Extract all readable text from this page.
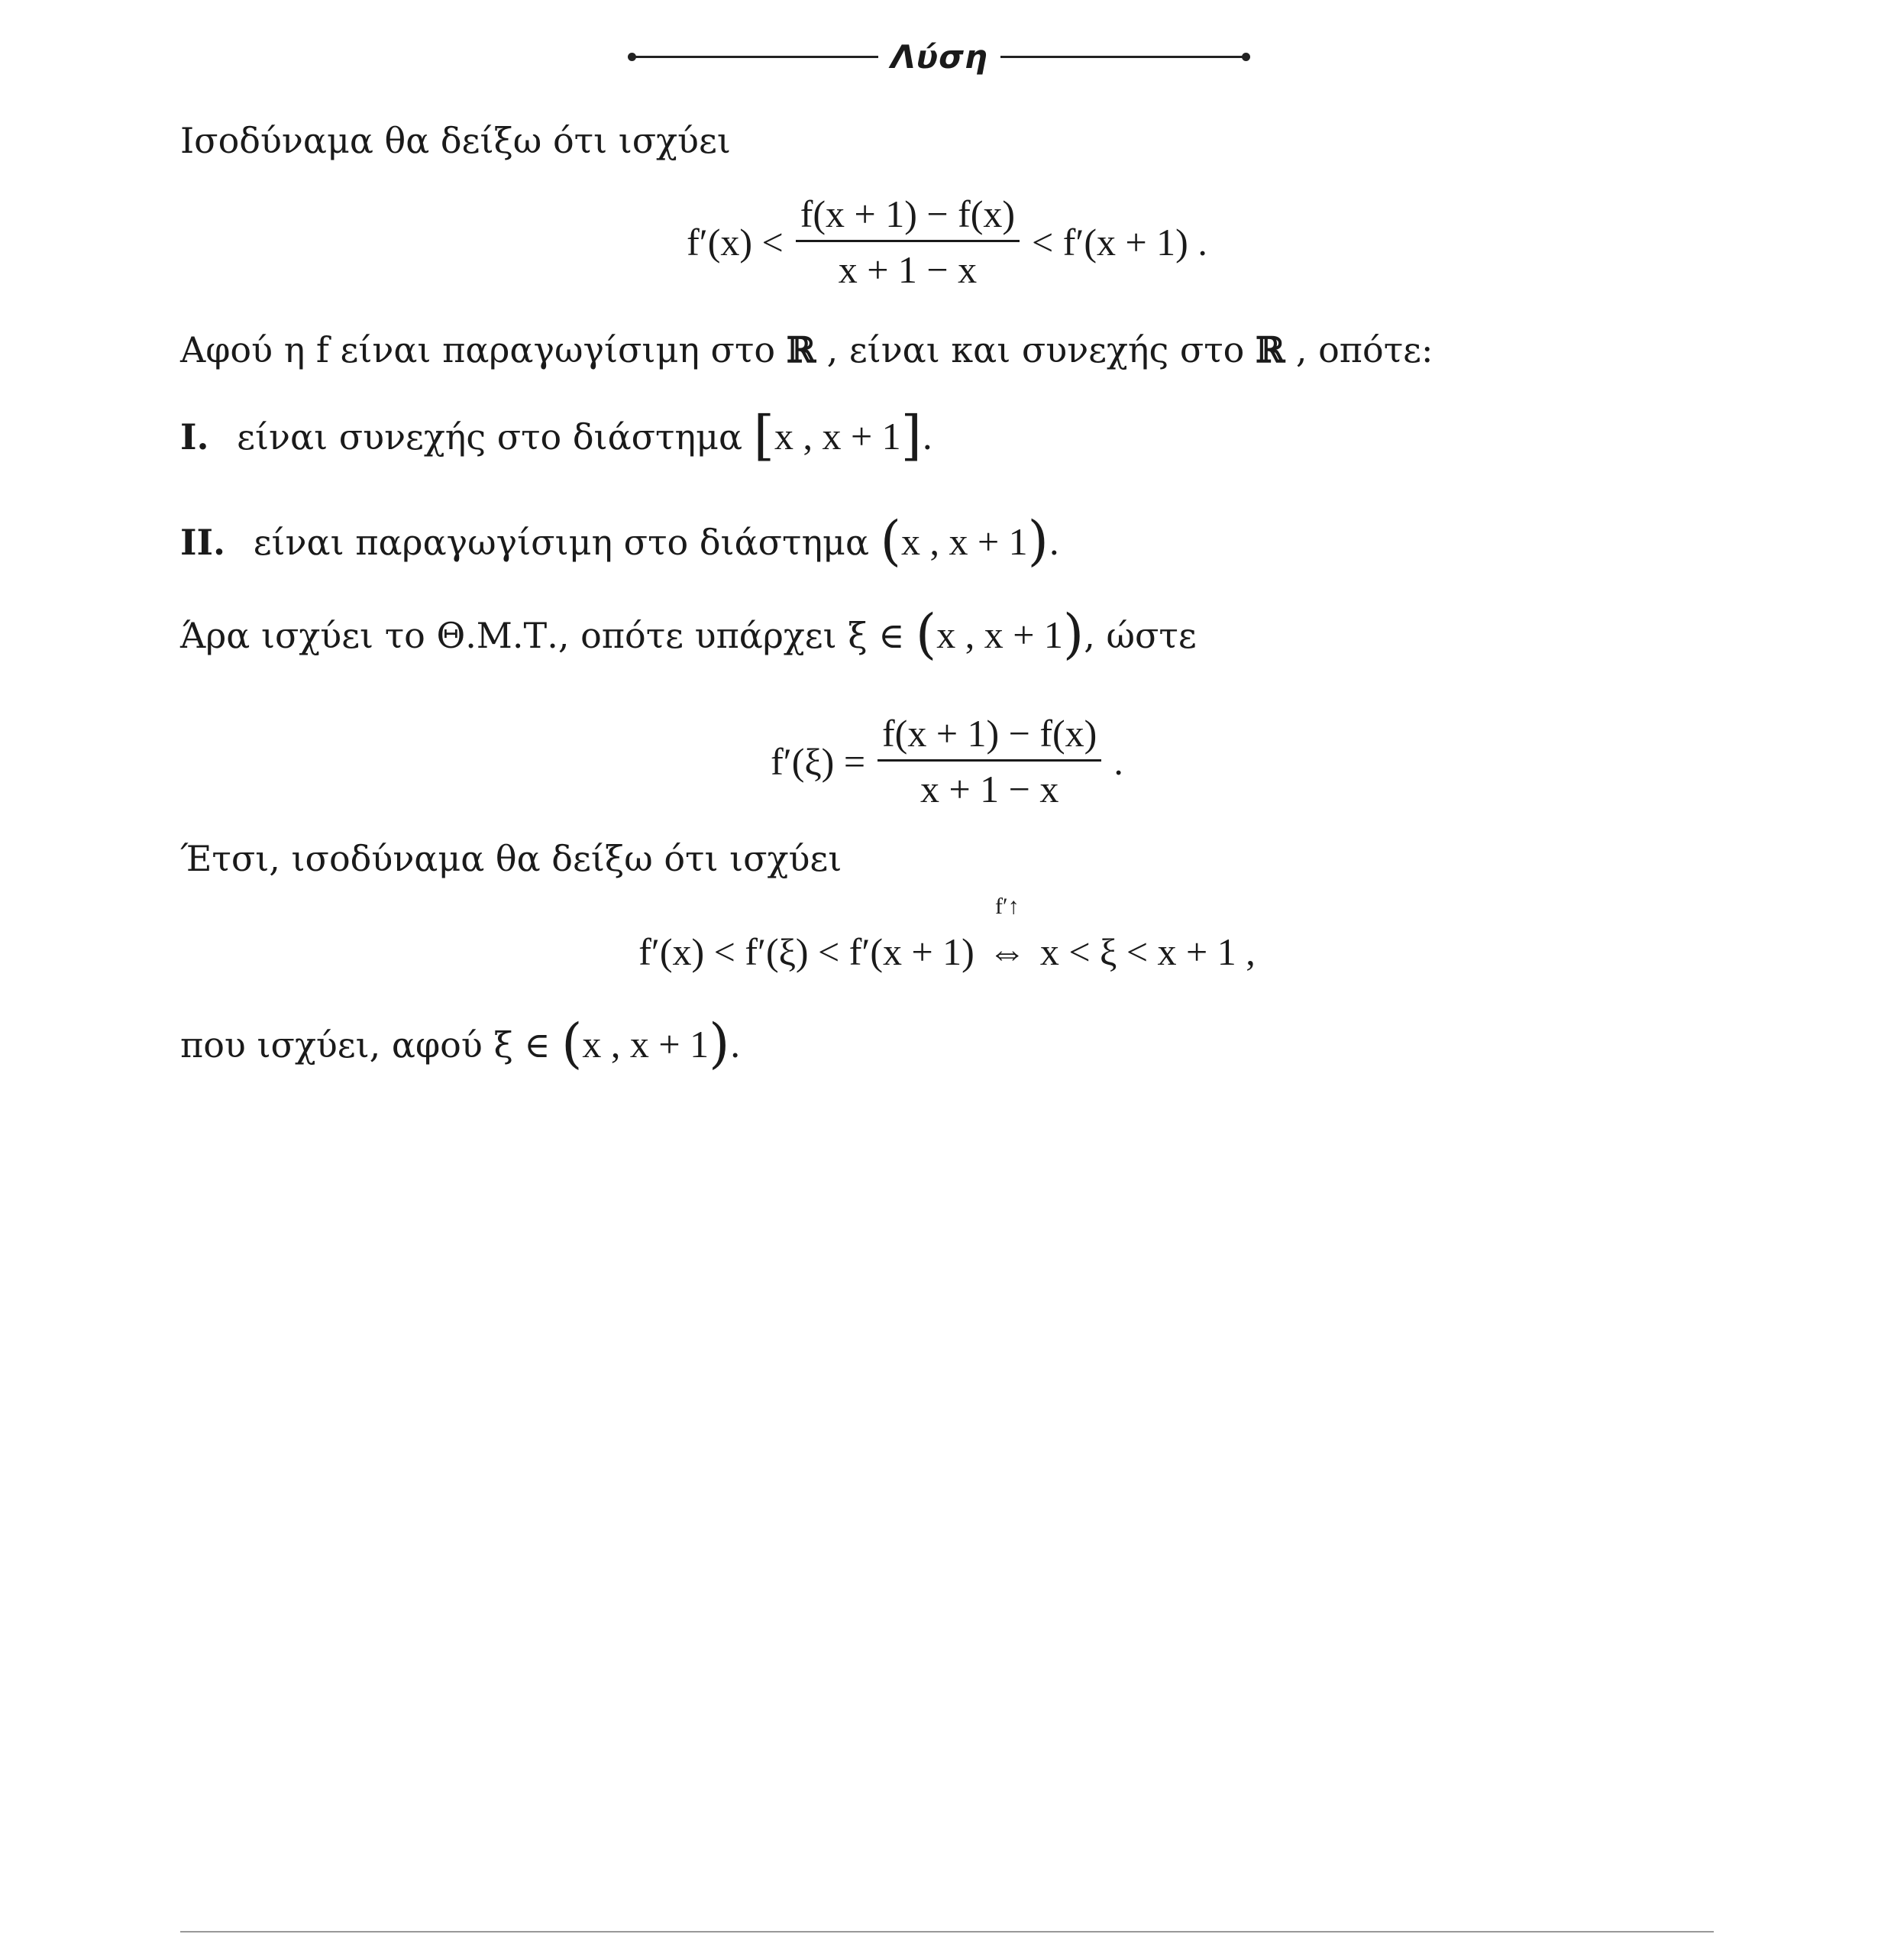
Λύση
Ισοδύναμα θα δείξω ότι ισχύει
$f'(x) < \frac{f(x + 1) - f(x)}{x + 1 - x} < f'(x + 1)$ .
Αφού η f είναι παραγωγίσιμη στο ℝ , είναι και συνεχής στο ℝ , οπότε:
I. είναι συνεχής στο διάστημα [x , x + 1].
II. είναι παραγωγίσιμη στο διάστημα (x , x + 1).
Άρα ισχύει το Θ.Μ.Τ., οπότε υπάρχει ξ ∈ (x , x + 1), ώστε
$f'(\xi) = \frac{f(x + 1) - f(x)}{x + 1 - x}$ .
Έτσι, ισοδύναμα θα δείξω ότι ισχύει
f′(x) < f′(ξ) < f′(x + 1)
f′↑
⇔ x < ξ < x + 1 ,
που ισχύει, αφού ξ ∈ (x , x + 1).
